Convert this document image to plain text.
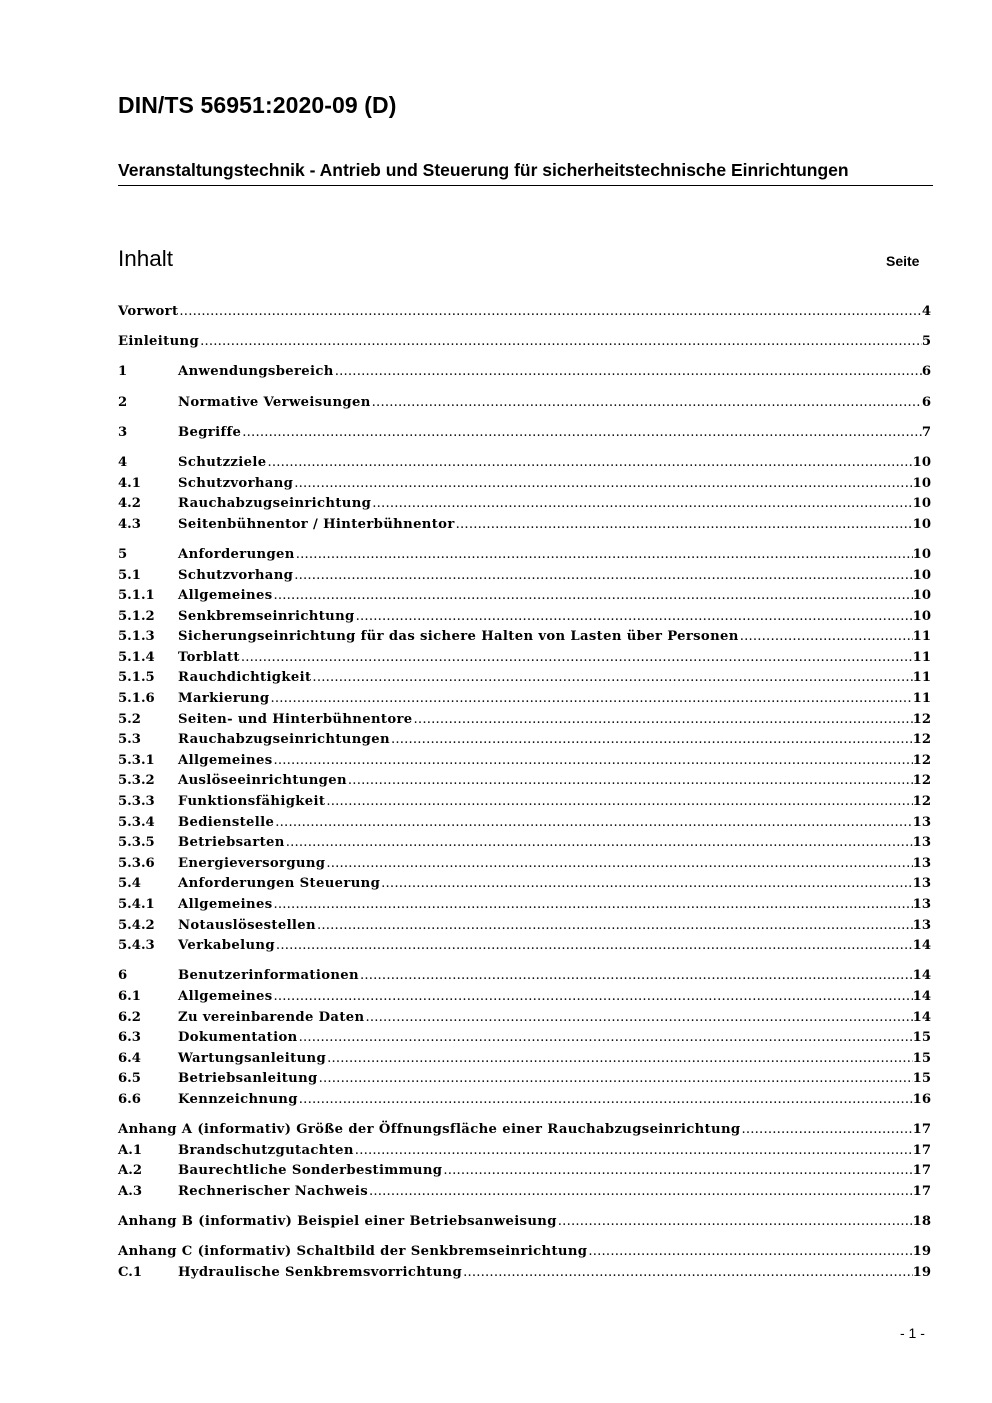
DIN/TS 56951:2020-09 (D)
Veranstaltungstechnik - Antrieb und Steuerung für sicherheitstechnische Einrichtungen
Inhalt	Seite
Vorwort .....	4
Einleitung .....	5
1	Anwendungsbereich .....	6
2	Normative Verweisungen .....	6
3	Begriffe .....	7
4	Schutzziele .....	10
4.1	Schutzvorhang .....	10
4.2	Rauchabzugseinrichtung .....	10
4.3	Seitenbühnentor / Hinterbühnentor .....	10
5	Anforderungen .....	10
5.1	Schutzvorhang .....	10
5.1.1	Allgemeines .....	10
5.1.2	Senkbremseinrichtung .....	10
5.1.3	Sicherungseinrichtung für das sichere Halten von Lasten über Personen .....	11
5.1.4	Torblatt .....	11
5.1.5	Rauchdichtigkeit .....	11
5.1.6	Markierung .....	11
5.2	Seiten- und Hinterbühnentore .....	12
5.3	Rauchabzugseinrichtungen .....	12
5.3.1	Allgemeines .....	12
5.3.2	Auslöseeinrichtungen .....	12
5.3.3	Funktionsfähigkeit .....	12
5.3.4	Bedienstelle .....	13
5.3.5	Betriebsarten .....	13
5.3.6	Energieversorgung .....	13
5.4	Anforderungen Steuerung .....	13
5.4.1	Allgemeines .....	13
5.4.2	Notauslösestellen .....	13
5.4.3	Verkabelung .....	14
6	Benutzerinformationen .....	14
6.1	Allgemeines .....	14
6.2	Zu vereinbarende Daten .....	14
6.3	Dokumentation .....	15
6.4	Wartungsanleitung .....	15
6.5	Betriebsanleitung .....	15
6.6	Kennzeichnung .....	16
Anhang A (informativ) Größe der Öffnungsfläche einer Rauchabzugseinrichtung .....	17
A.1	Brandschutzgutachten .....	17
A.2	Baurechtliche Sonderbestimmung .....	17
A.3	Rechnerischer Nachweis .....	17
Anhang B (informativ) Beispiel einer Betriebsanweisung .....	18
Anhang C (informativ) Schaltbild der Senkbremseinrichtung .....	19
C.1	Hydraulische Senkbremsvorrichtung .....	19
- 1 -
